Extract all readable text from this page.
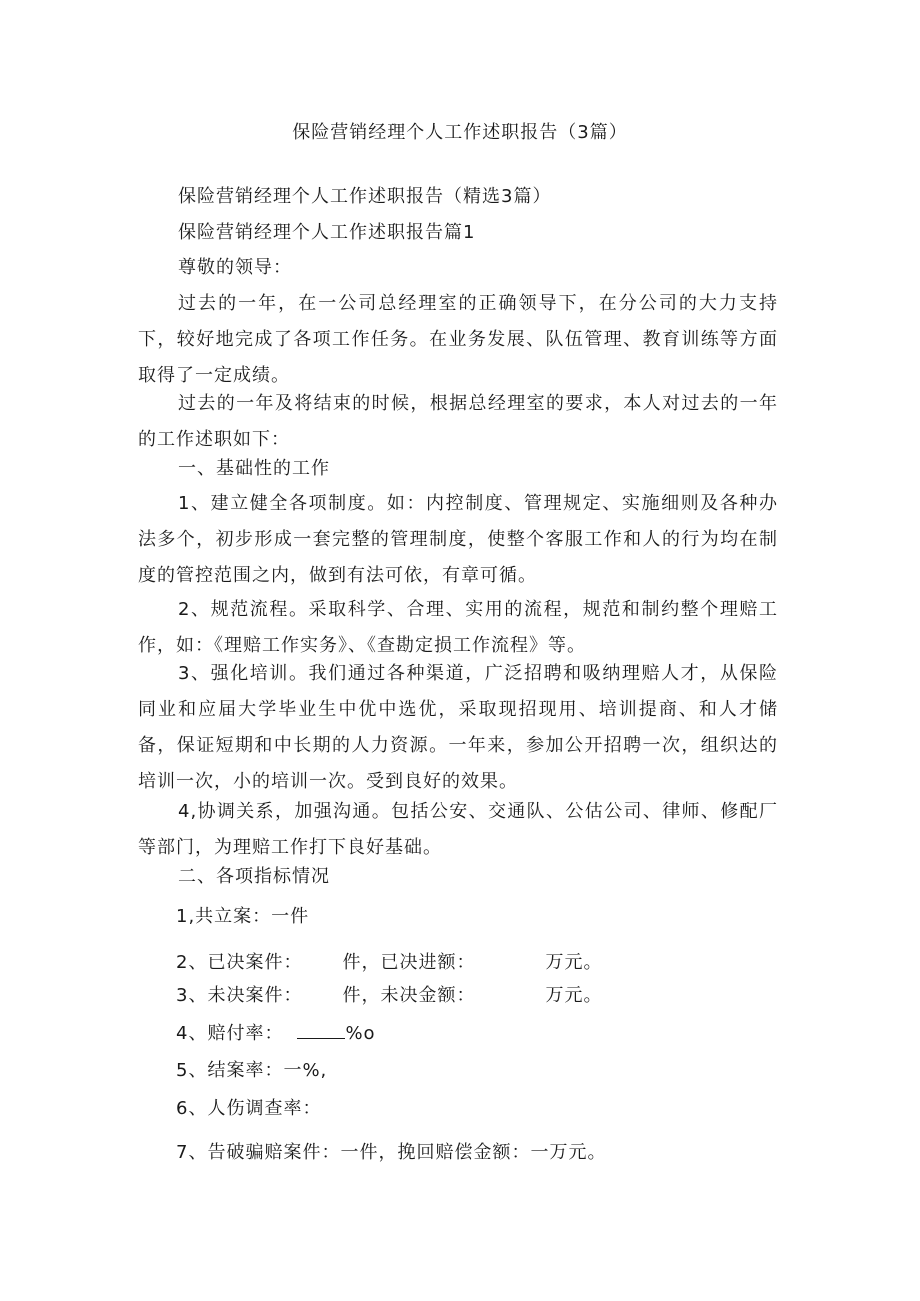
保险营销经理个人工作述职报告（3篇）
保险营销经理个人工作述职报告（精选3篇）
保险营销经理个人工作述职报告篇1
尊敬的领导：
过去的一年，在一公司总经理室的正确领导下，在分公司的大力支持下，较好地完成了各项工作任务。在业务发展、队伍管理、教育训练等方面取得了一定成绩。
过去的一年及将结束的时候，根据总经理室的要求，本人对过去的一年的工作述职如下：
一、基础性的工作
1、建立健全各项制度。如：内控制度、管理规定、实施细则及各种办法多个，初步形成一套完整的管理制度，使整个客服工作和人的行为均在制度的管控范围之内，做到有法可依，有章可循。
2、规范流程。采取科学、合理、实用的流程，规范和制约整个理赔工作，如：《理赔工作实务》、《查勘定损工作流程》等。
3、强化培训。我们通过各种渠道，广泛招聘和吸纳理赔人才，从保险同业和应届大学毕业生中优中选优，采取现招现用、培训提商、和人才储备，保证短期和中长期的人力资源。一年来，参加公开招聘一次，组织达的培训一次，小的培训一次。受到良好的效果。
4,协调关系，加强沟通。包括公安、交通队、公估公司、律师、修配厂等部门，为理赔工作打下良好基础。
二、各项指标情况
1,共立案：一件
2、已决案件： 件，已决进额：	万元。
3、未决案件： 件，未决金额：	万元。
4、赔付率：	%o
5、结案率：一%,
6、人伤调查率：
7、告破骗赔案件：一件，挽回赔偿金额：一万元。
